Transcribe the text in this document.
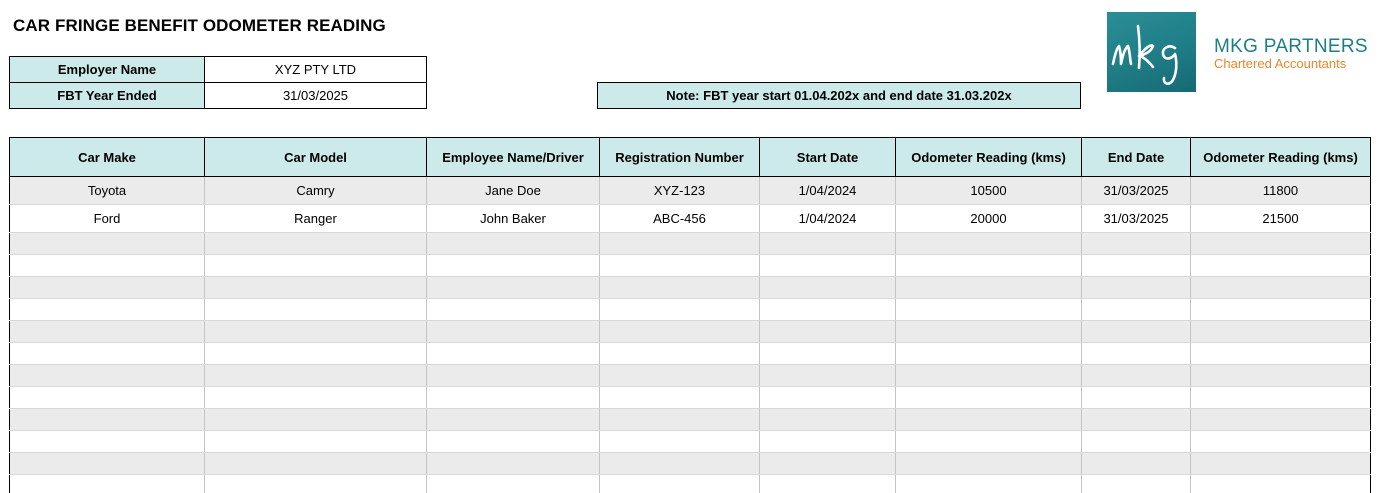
CAR FRINGE BENEFIT ODOMETER READING
Employer Name	XYZ PTY LTD
FBT Year Ended	31/03/2025	Note: FBT year start 01.04.202x and end date 31.03.202x
MKG PARTNERS
Chartered Accountants
Car Make	Car Model	Employee Name/Driver	Registration Number	Start Date	Odometer Reading (kms)	End Date	Odometer Reading (kms)
Toyota	Camry	Jane Doe	XYZ-123	1/04/2024	10500	31/03/2025	11800
Ford	Ranger	John Baker	ABC-456	1/04/2024	20000	31/03/2025	21500
